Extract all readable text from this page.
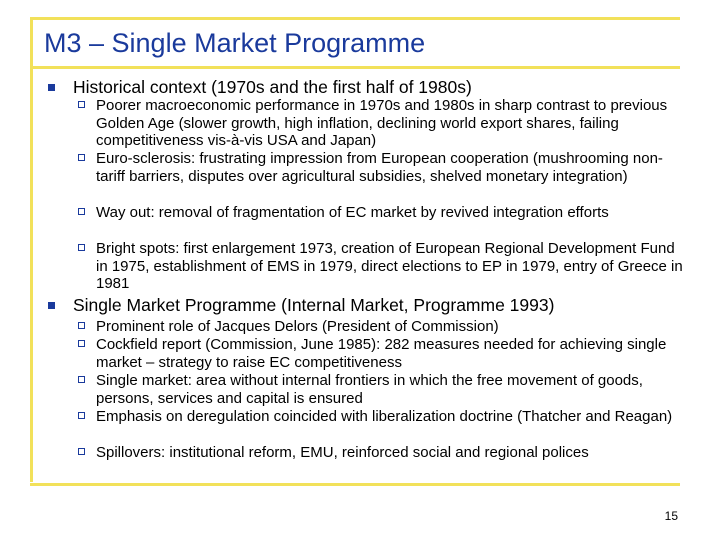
M3 – Single Market Programme
Historical context (1970s and the first half of 1980s)
Poorer macroeconomic performance in 1970s and 1980s in sharp contrast to previous Golden Age (slower growth, high inflation, declining world export shares, failing competitiveness vis-à-vis USA and Japan)
Euro-sclerosis: frustrating impression from European cooperation (mushrooming non-tariff barriers, disputes over agricultural subsidies, shelved monetary integration)
Way out: removal of fragmentation of EC market by revived integration efforts
Bright spots: first enlargement 1973, creation of European Regional Development Fund in 1975, establishment of EMS in 1979, direct elections to EP in 1979, entry of Greece in 1981
Single Market Programme (Internal Market, Programme 1993)
Prominent role of Jacques Delors (President of Commission)
Cockfield report (Commission, June 1985): 282 measures needed for achieving single market – strategy to raise EC competitiveness
Single market: area without internal frontiers in which the free movement of goods, persons, services and capital is ensured
Emphasis on deregulation coincided with liberalization doctrine (Thatcher and Reagan)
Spillovers: institutional reform, EMU, reinforced social and regional polices
15
